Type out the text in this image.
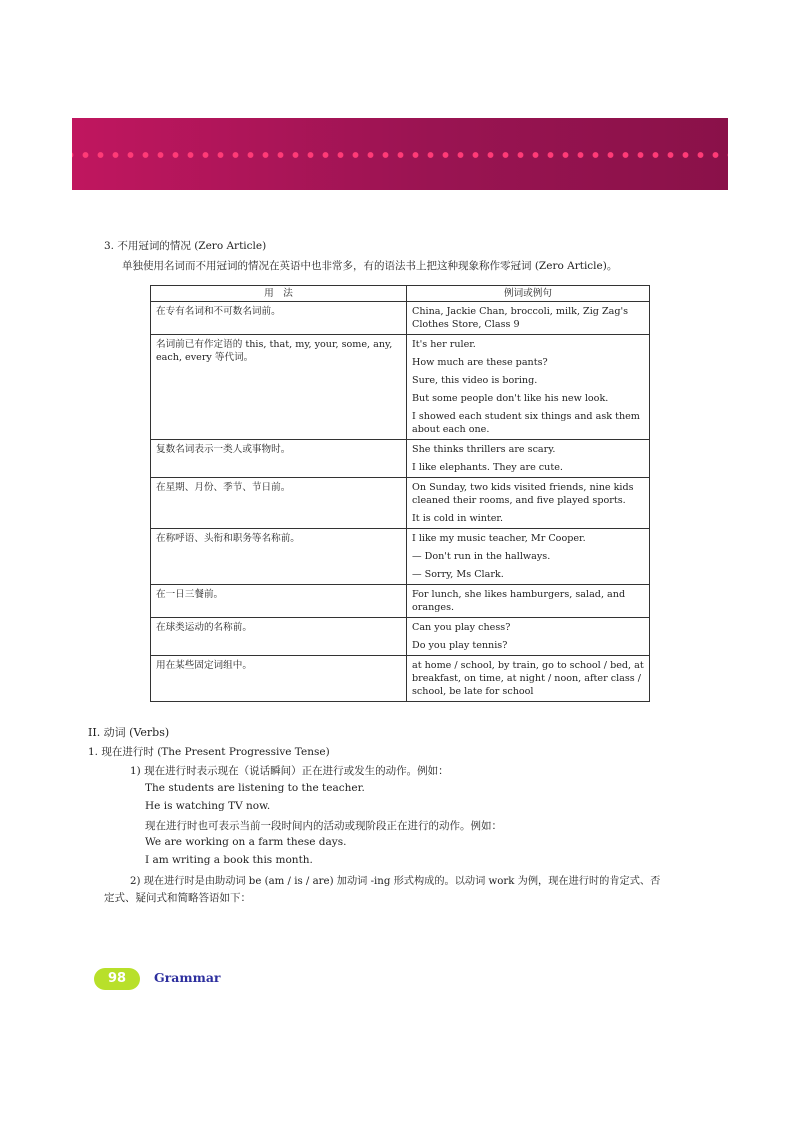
3. 不用冠词的情况 (Zero Article)

单独使用名词而不用冠词的情况在英语中也非常多，有的语法书上把这种现象称作零冠词 (Zero Article)。

用　法	例词或例句
在专有名词和不可数名词前。	China, Jackie Chan, broccoli, milk, Zig Zag's Clothes Store, Class 9

名词前已有作定语的 this, that, my, your, some, any, each, every 等代词。	It's her ruler.
How much are these pants?
Sure, this video is boring.
But some people don't like his new look.
I showed each student six things and ask them about each one.

复数名词表示一类人或事物时。	She thinks thrillers are scary.
I like elephants. They are cute.

在星期、月份、季节、节日前。	On Sunday, two kids visited friends, nine kids cleaned their rooms, and five played sports.
It is cold in winter.

在称呼语、头衔和职务等名称前。	I like my music teacher, Mr Cooper.
— Don't run in the hallways.
— Sorry, Ms Clark.

在一日三餐前。	For lunch, she likes hamburgers, salad, and oranges.

在球类运动的名称前。	Can you play chess?
Do you play tennis?

用在某些固定词组中。	at home / school, by train, go to school / bed, at breakfast, on time, at night / noon, after class / school, be late for school

II. 动词 (Verbs)

1. 现在进行时 (The Present Progressive Tense)

1) 现在进行时表示现在（说话瞬间）正在进行或发生的动作。例如：

The students are listening to the teacher.

He is watching TV now.

现在进行时也可表示当前一段时间内的活动或现阶段正在进行的动作。例如：

We are working on a farm these days.

I am writing a book this month.

2) 现在进行时是由助动词 be (am / is / are) 加动词 -ing 形式构成的。以动词 work 为例，现在进行时的肯定式、否

定式、疑问式和简略答语如下：

98	Grammar
